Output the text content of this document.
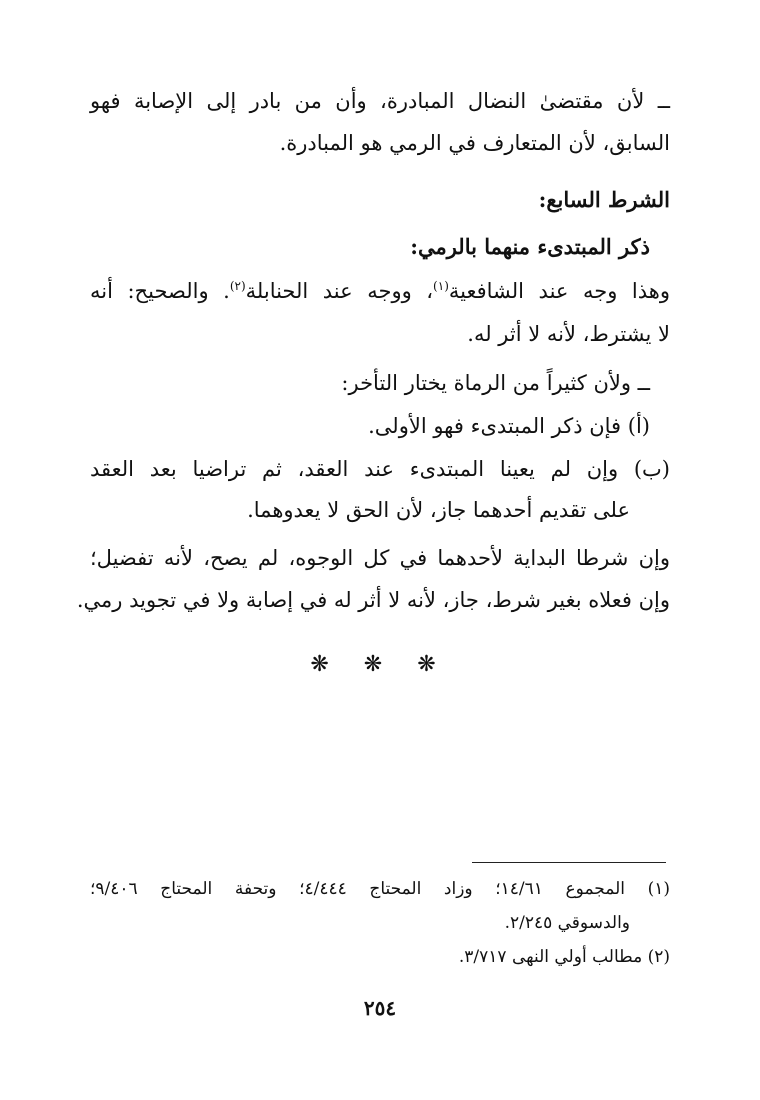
ــ لأن مقتضىٰ النضال المبادرة، وأن من بادر إلى الإصابة فهو
السابق، لأن المتعارف في الرمي هو المبادرة.
الشرط السابع:
ذكر المبتدىء منهما بالرمي:
وهذا وجه عند الشافعية$^{(١)}$، ووجه عند الحنابلة$^{(٢)}$. والصحيح: أنه
لا يشترط، لأنه لا أثر له.
ــ ولأن كثيراً من الرماة يختار التأخر:
(أ) فإن ذكر المبتدىء فهو الأولى.
(ب) وإن لم يعينا المبتدىء عند العقد، ثم تراضيا بعد العقد
على تقديم أحدهما جاز، لأن الحق لا يعدوهما.
وإن شرطا البداية لأحدهما في كل الوجوه، لم يصح، لأنه تفضيل؛
وإن فعلاه بغير شرط، جاز، لأنه لا أثر له في إصابة ولا في تجويد رمي.
❋ ❋ ❋
(١) المجموع ١٤/٦١؛ وزاد المحتاج ٤/٤٤٤؛ وتحفة المحتاج ٩/٤٠٦؛
والدسوقي ٢/٢٤٥.
(٢) مطالب أولي النهى ٣/٧١٧.
٢٥٤
